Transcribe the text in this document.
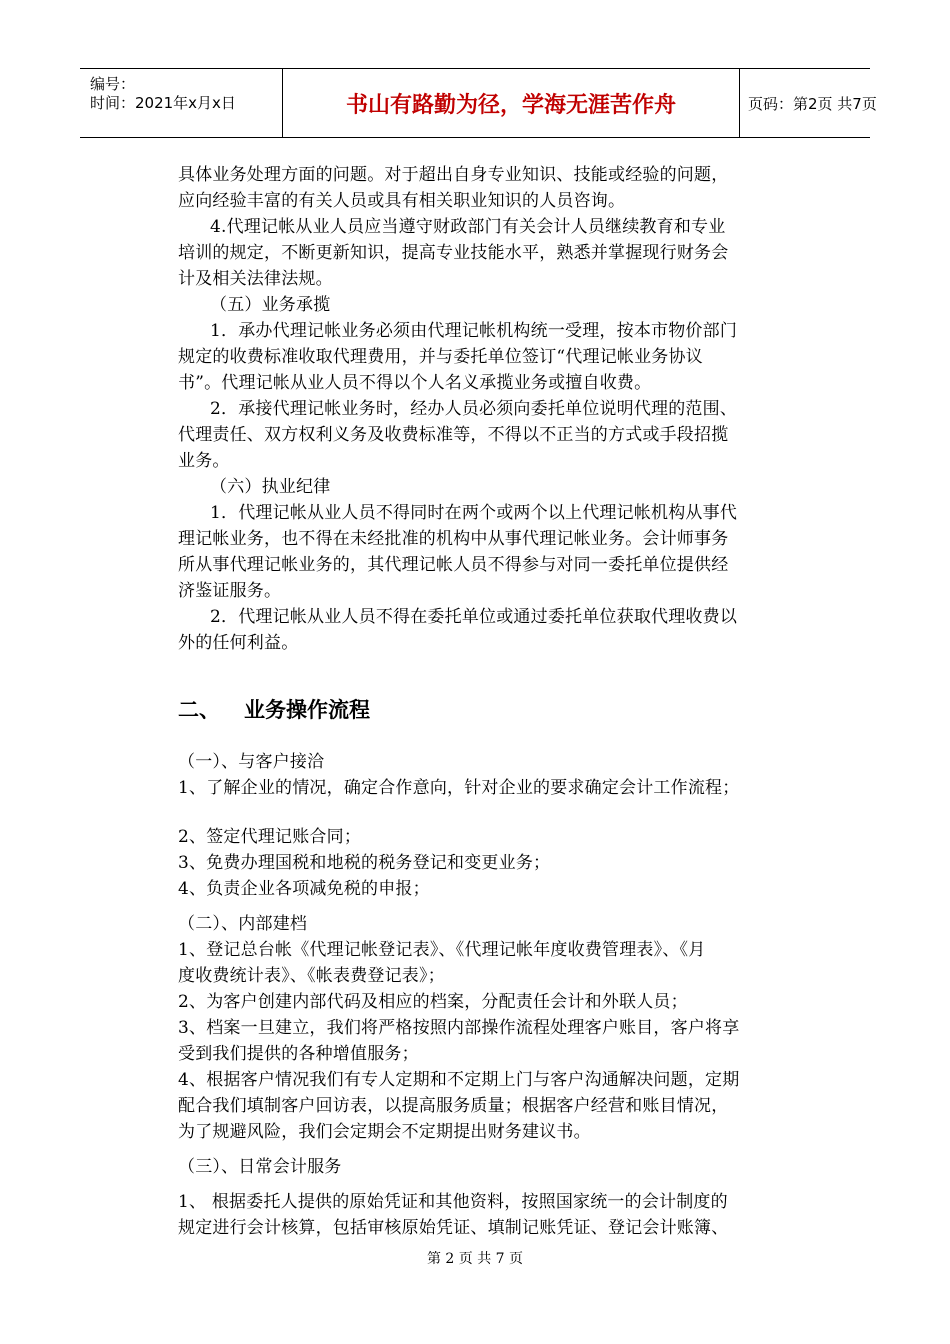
编号：
时间：2021年x月x日	书山有路勤为径，学海无涯苦作舟	页码：第2页 共7页
具体业务处理方面的问题。对于超出自身专业知识、技能或经验的问题，
应向经验丰富的有关人员或具有相关职业知识的人员咨询。
4.代理记帐从业人员应当遵守财政部门有关会计人员继续教育和专业
培训的规定，不断更新知识，提高专业技能水平，熟悉并掌握现行财务会
计及相关法律法规。
（五）业务承揽
1．承办代理记帐业务必须由代理记帐机构统一受理，按本市物价部门
规定的收费标准收取代理费用，并与委托单位签订“代理记帐业务协议
书”。代理记帐从业人员不得以个人名义承揽业务或擅自收费。
2．承接代理记帐业务时，经办人员必须向委托单位说明代理的范围、
代理责任、双方权利义务及收费标准等，不得以不正当的方式或手段招揽
业务。
（六）执业纪律
1．代理记帐从业人员不得同时在两个或两个以上代理记帐机构从事代
理记帐业务，也不得在未经批准的机构中从事代理记帐业务。会计师事务
所从事代理记帐业务的，其代理记帐人员不得参与对同一委托单位提供经
济鉴证服务。
2．代理记帐从业人员不得在委托单位或通过委托单位获取代理收费以
外的任何利益。
二、 业务操作流程
（一）、与客户接洽
1、了解企业的情况，确定合作意向，针对企业的要求确定会计工作流程；
2、签定代理记账合同；
3、免费办理国税和地税的税务登记和变更业务；
4、负责企业各项减免税的申报；
（二）、内部建档
1、登记总台帐《代理记帐登记表》、《代理记帐年度收费管理表》、《月
度收费统计表》、《帐表费登记表》；
2、为客户创建内部代码及相应的档案，分配责任会计和外联人员；
3、档案一旦建立，我们将严格按照内部操作流程处理客户账目，客户将享
受到我们提供的各种增值服务；
4、根据客户情况我们有专人定期和不定期上门与客户沟通解决问题，定期
配合我们填制客户回访表，以提高服务质量；根据客户经营和账目情况，
为了规避风险，我们会定期会不定期提出财务建议书。
（三）、日常会计服务
1、 根据委托人提供的原始凭证和其他资料，按照国家统一的会计制度的
规定进行会计核算，包括审核原始凭证、填制记账凭证、登记会计账簿、
第 2 页 共 7 页
